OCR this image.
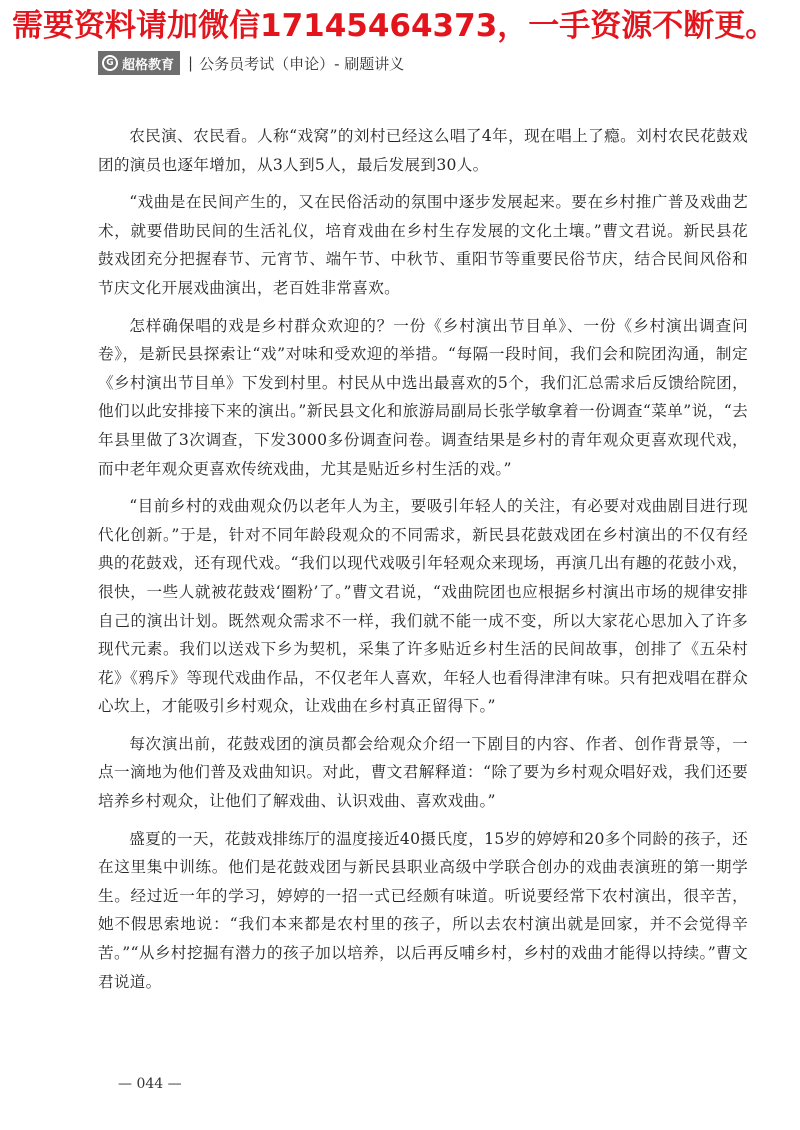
需要资料请加微信17145464373，一手资源不断更。
G 超格教育 | 公务员考试（申论）- 刷题讲义

农民演、农民看。人称“戏窝”的刘村已经这么唱了4年，现在唱上了瘾。刘村农民花鼓戏团的演员也逐年增加，从3人到5人，最后发展到30人。

“戏曲是在民间产生的，又在民俗活动的氛围中逐步发展起来。要在乡村推广普及戏曲艺术，就要借助民间的生活礼仪，培育戏曲在乡村生存发展的文化土壤。”曹文君说。新民县花鼓戏团充分把握春节、元宵节、端午节、中秋节、重阳节等重要民俗节庆，结合民间风俗和节庆文化开展戏曲演出，老百姓非常喜欢。

怎样确保唱的戏是乡村群众欢迎的？一份《乡村演出节目单》、一份《乡村演出调查问卷》，是新民县探索让“戏”对味和受欢迎的举措。“每隔一段时间，我们会和院团沟通，制定《乡村演出节目单》下发到村里。村民从中选出最喜欢的5个，我们汇总需求后反馈给院团，他们以此安排接下来的演出。”新民县文化和旅游局副局长张学敏拿着一份调查“菜单”说，“去年县里做了3次调查，下发3000多份调查问卷。调查结果是乡村的青年观众更喜欢现代戏，而中老年观众更喜欢传统戏曲，尤其是贴近乡村生活的戏。”

“目前乡村的戏曲观众仍以老年人为主，要吸引年轻人的关注，有必要对戏曲剧目进行现代化创新。”于是，针对不同年龄段观众的不同需求，新民县花鼓戏团在乡村演出的不仅有经典的花鼓戏，还有现代戏。“我们以现代戏吸引年轻观众来现场，再演几出有趣的花鼓小戏，很快，一些人就被花鼓戏‘圈粉’了。”曹文君说，“戏曲院团也应根据乡村演出市场的规律安排自己的演出计划。既然观众需求不一样，我们就不能一成不变，所以大家花心思加入了许多现代元素。我们以送戏下乡为契机，采集了许多贴近乡村生活的民间故事，创排了《五朵村花》《鸦斥》等现代戏曲作品，不仅老年人喜欢，年轻人也看得津津有味。只有把戏唱在群众心坎上，才能吸引乡村观众，让戏曲在乡村真正留得下。”

每次演出前，花鼓戏团的演员都会给观众介绍一下剧目的内容、作者、创作背景等，一点一滴地为他们普及戏曲知识。对此，曹文君解释道：“除了要为乡村观众唱好戏，我们还要培养乡村观众，让他们了解戏曲、认识戏曲、喜欢戏曲。”

盛夏的一天，花鼓戏排练厅的温度接近40摄氏度，15岁的婷婷和20多个同龄的孩子，还在这里集中训练。他们是花鼓戏团与新民县职业高级中学联合创办的戏曲表演班的第一期学生。经过近一年的学习，婷婷的一招一式已经颇有味道。听说要经常下农村演出，很辛苦，她不假思索地说：“我们本来都是农村里的孩子，所以去农村演出就是回家，并不会觉得辛苦。”“从乡村挖掘有潜力的孩子加以培养，以后再反哺乡村，乡村的戏曲才能得以持续。”曹文君说道。

— 044 —
